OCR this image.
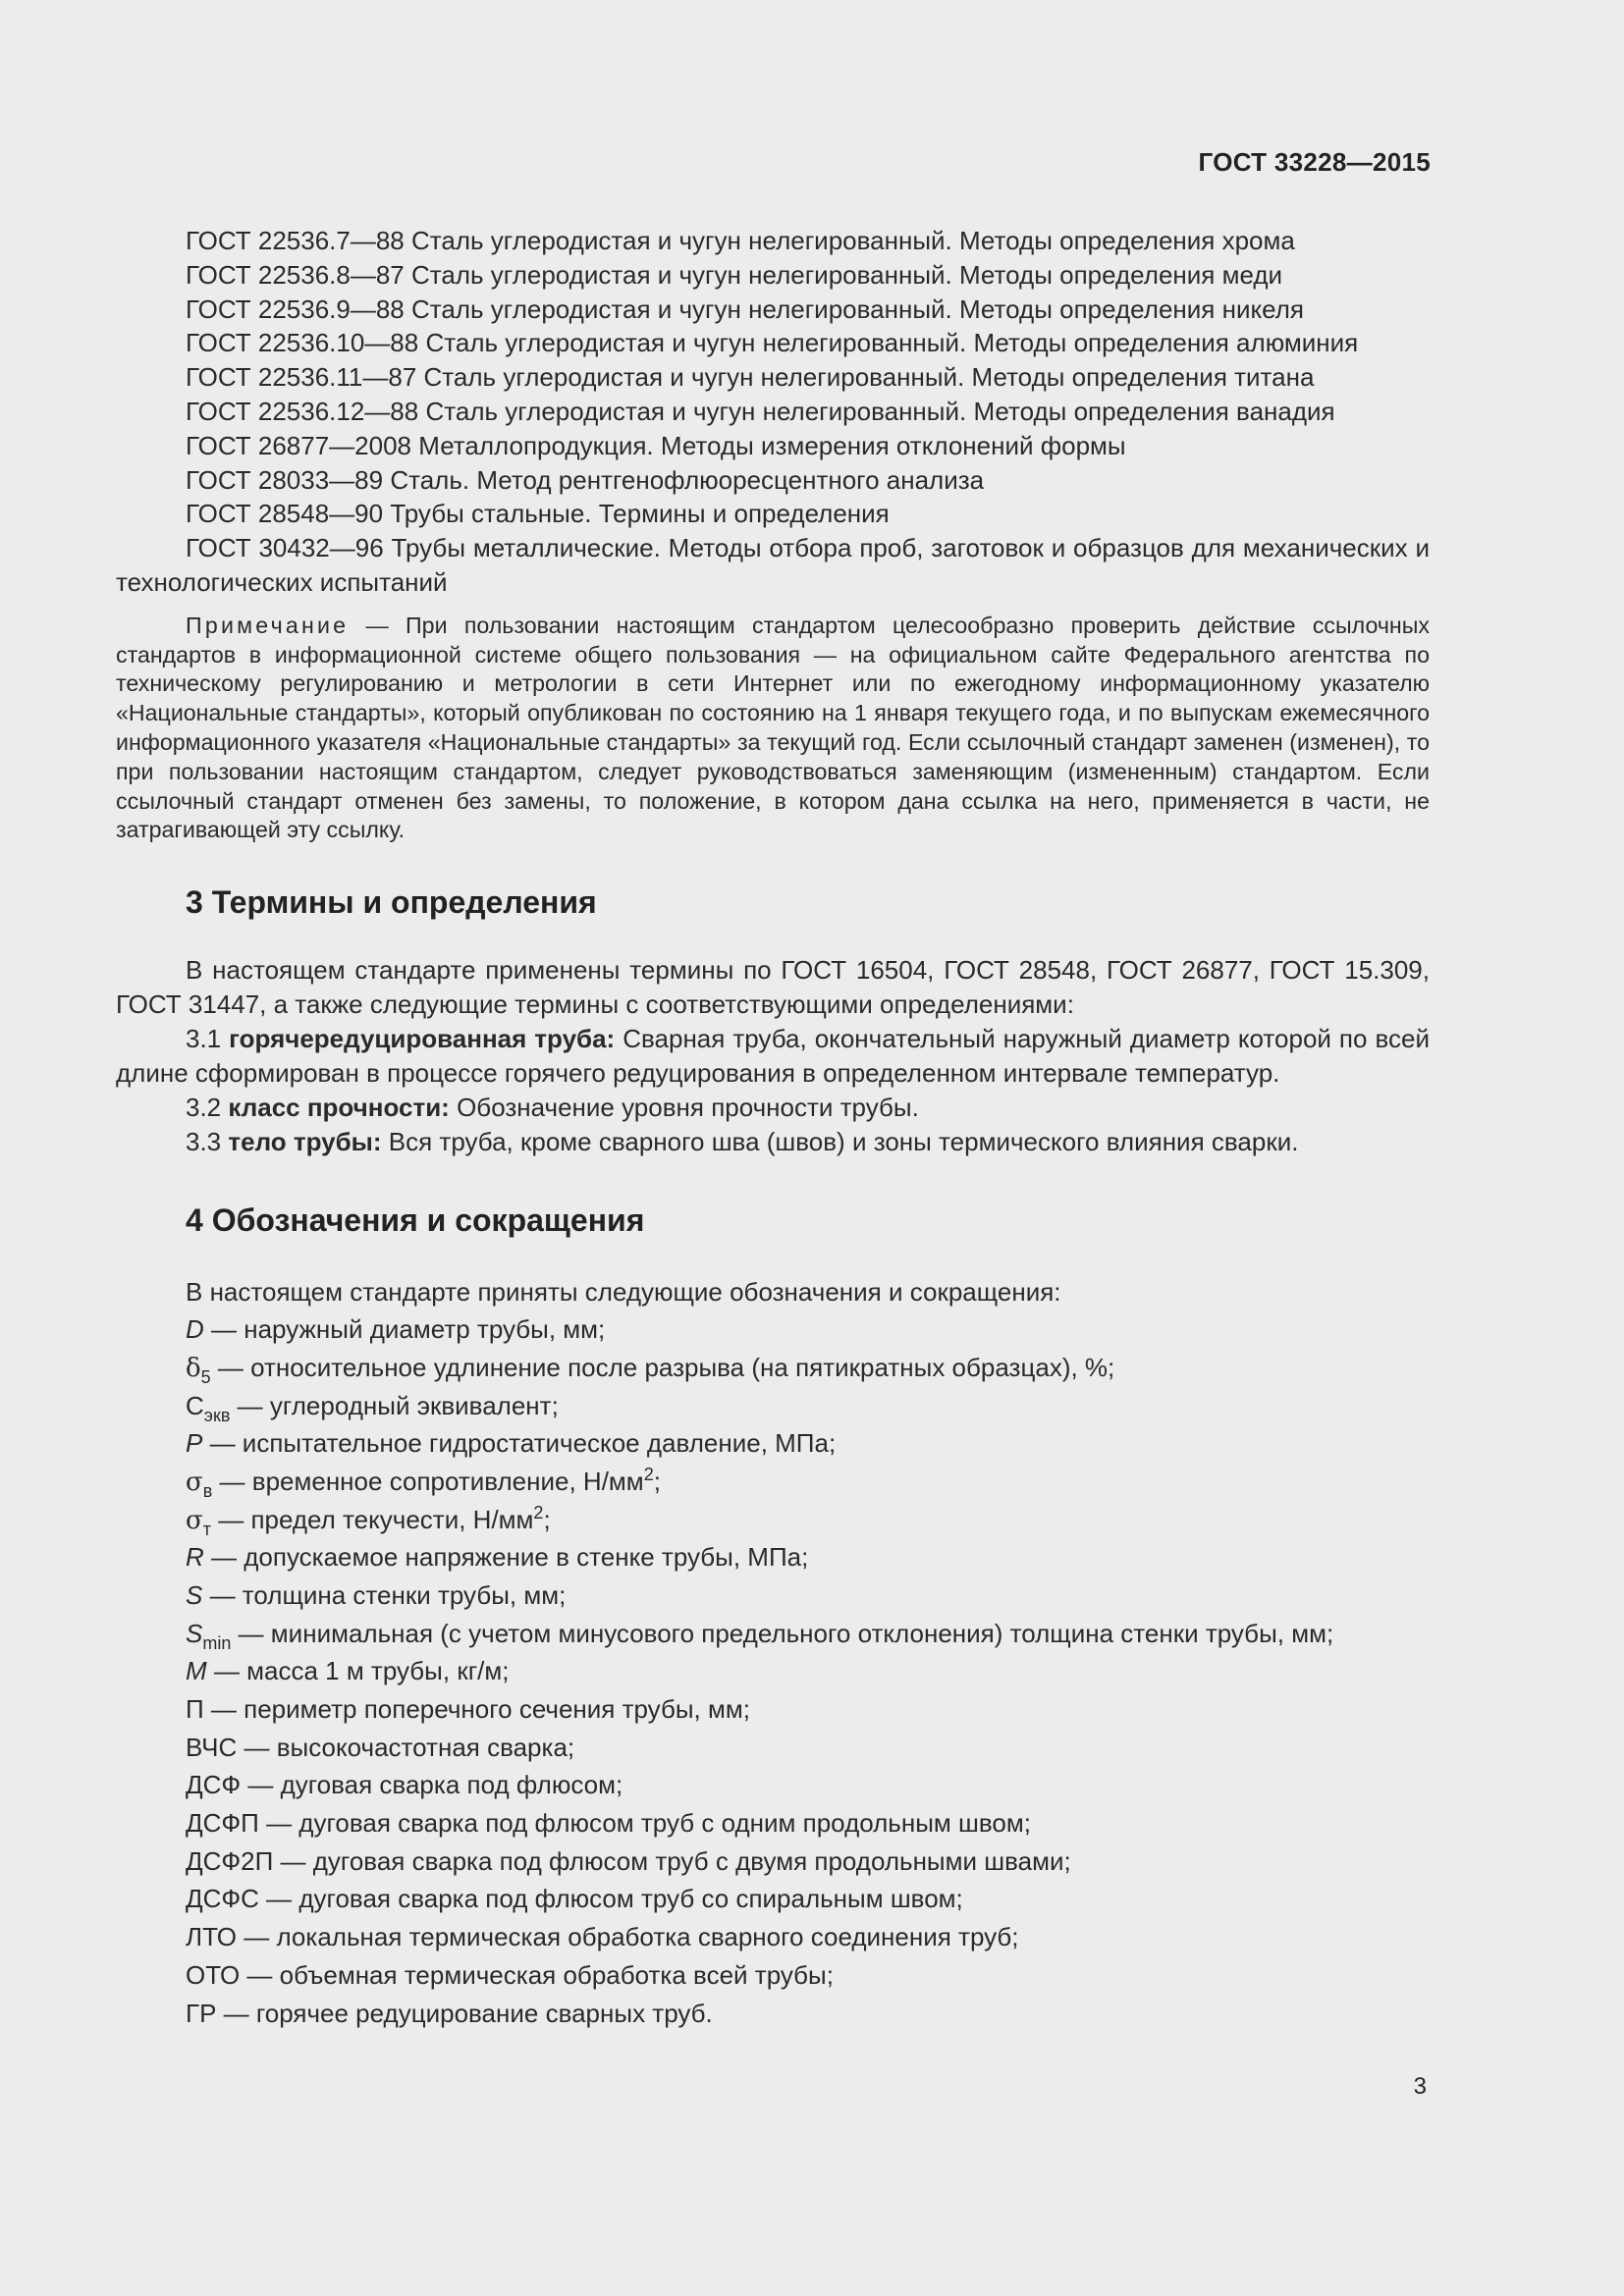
ГОСТ 33228—2015
ГОСТ 22536.7—88 Сталь углеродистая и чугун нелегированный. Методы определения хрома
ГОСТ 22536.8—87 Сталь углеродистая и чугун нелегированный. Методы определения меди
ГОСТ 22536.9—88 Сталь углеродистая и чугун нелегированный. Методы определения никеля
ГОСТ 22536.10—88 Сталь углеродистая и чугун нелегированный. Методы определения алюминия
ГОСТ 22536.11—87 Сталь углеродистая и чугун нелегированный. Методы определения титана
ГОСТ 22536.12—88 Сталь углеродистая и чугун нелегированный. Методы определения ванадия
ГОСТ 26877—2008 Металлопродукция. Методы измерения отклонений формы
ГОСТ 28033—89 Сталь. Метод рентгенофлюоресцентного анализа
ГОСТ 28548—90 Трубы стальные. Термины и определения
ГОСТ 30432—96 Трубы металлические. Методы отбора проб, заготовок и образцов для механических и технологических испытаний
Примечание — При пользовании настоящим стандартом целесообразно проверить действие ссылочных стандартов в информационной системе общего пользования — на официальном сайте Федерального агентства по техническому регулированию и метрологии в сети Интернет или по ежегодному информационному указателю «Национальные стандарты», который опубликован по состоянию на 1 января текущего года, и по выпускам ежемесячного информационного указателя «Национальные стандарты» за текущий год. Если ссылочный стандарт заменен (изменен), то при пользовании настоящим стандартом, следует руководствоваться заменяющим (измененным) стандартом. Если ссылочный стандарт отменен без замены, то положение, в котором дана ссылка на него, применяется в части, не затрагивающей эту ссылку.
3 Термины и определения
В настоящем стандарте применены термины по ГОСТ 16504, ГОСТ 28548, ГОСТ 26877, ГОСТ 15.309, ГОСТ 31447, а также следующие термины с соответствующими определениями:
3.1 горячередуцированная труба: Сварная труба, окончательный наружный диаметр которой по всей длине сформирован в процессе горячего редуцирования в определенном интервале температур.
3.2 класс прочности: Обозначение уровня прочности трубы.
3.3 тело трубы: Вся труба, кроме сварного шва (швов) и зоны термического влияния сварки.
4 Обозначения и сокращения
В настоящем стандарте приняты следующие обозначения и сокращения:
D — наружный диаметр трубы, мм;
$\delta_5$ — относительное удлинение после разрыва (на пятикратных образцах), %;
$С_{экв}$ — углеродный эквивалент;
P — испытательное гидростатическое давление, МПа;
$\sigma_в$ — временное сопротивление, $Н/мм^2$;
$\sigma_т$ — предел текучести, $Н/мм^2$;
R — допускаемое напряжение в стенке трубы, МПа;
S — толщина стенки трубы, мм;
$S_{min}$ — минимальная (с учетом минусового предельного отклонения) толщина стенки трубы, мм;
M — масса 1 м трубы, кг/м;
П — периметр поперечного сечения трубы, мм;
ВЧС — высокочастотная сварка;
ДСФ — дуговая сварка под флюсом;
ДСФП — дуговая сварка под флюсом труб с одним продольным швом;
ДСФ2П — дуговая сварка под флюсом труб с двумя продольными швами;
ДСФС — дуговая сварка под флюсом труб со спиральным швом;
ЛТО — локальная термическая обработка сварного соединения труб;
ОТО — объемная термическая обработка всей трубы;
ГР — горячее редуцирование сварных труб.
3
